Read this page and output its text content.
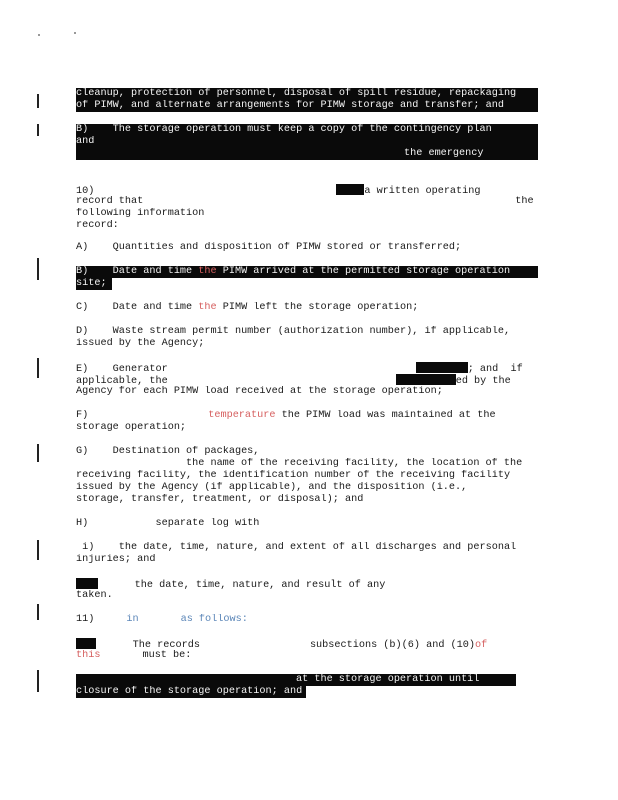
cleanup, protection of personnel, disposal of spill residue, repackaging
of PIMW, and alternate arrangements for PIMW storage and transfer; and
B)    The storage operation must keep a copy of the contingency plan
and
the emergency
10)	a written operating
record that	the
following information
record:
A)    Quantities and disposition of PIMW stored or transferred;
B)    Date and time the PIMW arrived at the permitted storage operation
site;
C)    Date and time the PIMW left the storage operation;
D)    Waste stream permit number (authorization number), if applicable,
issued by the Agency;
E)    Generator	; and  if
applicable, the	ed by the
Agency for each PIMW load received at the storage operation;
F)	temperature the PIMW load was maintained at the
storage operation;
G)    Destination of packages,
the name of the receiving facility, the location of the
receiving facility, the identification number of the receiving facility
issued by the Agency (if applicable), and the disposition (i.e.,
storage, transfer, treatment, or disposal); and
H)           separate log with
i)    the date, time, nature, and extent of all discharges and personal
injuries; and
the date, time, nature, and result of any
taken.
11)	in	as follows:
The records	subsections (b)(6) and (10)of
this	must be:
at the storage operation until
closure of the storage operation; and
